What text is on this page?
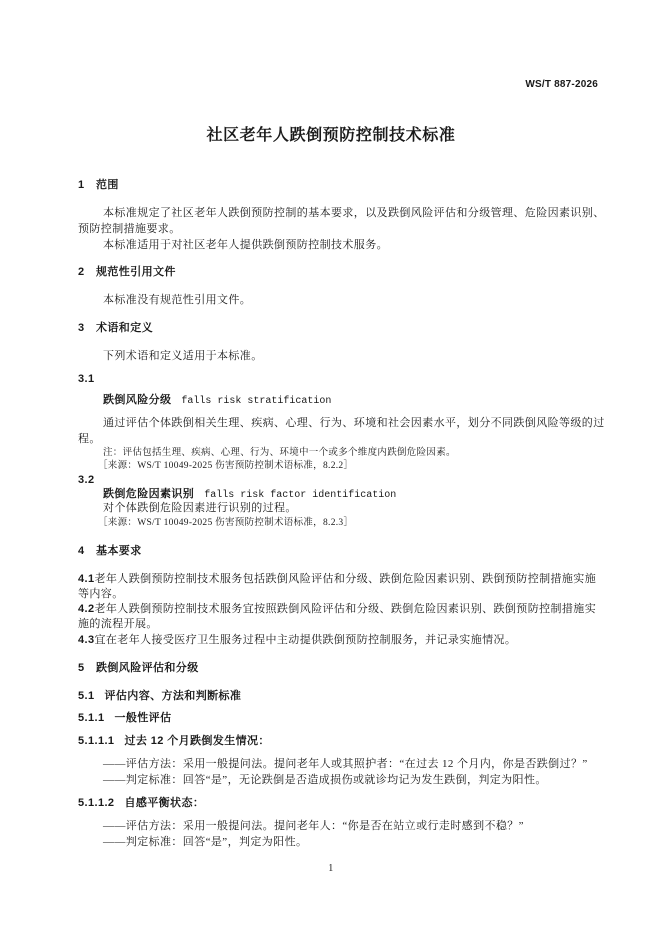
WS/T 887-2026
社区老年人跌倒预防控制技术标准
1 范围
本标准规定了社区老年人跌倒预防控制的基本要求，以及跌倒风险评估和分级管理、危险因素识别、
预防控制措施要求。
本标准适用于对社区老年人提供跌倒预防控制技术服务。
2 规范性引用文件
本标准没有规范性引用文件。
3 术语和定义
下列术语和定义适用于本标准。
3.1
跌倒风险分级 falls risk stratification
通过评估个体跌倒相关生理、疾病、心理、行为、环境和社会因素水平，划分不同跌倒风险等级的过
程。
注：评估包括生理、疾病、心理、行为、环境中一个或多个维度内跌倒危险因素。
［来源：WS/T 10049-2025 伤害预防控制术语标准，8.2.2］
3.2
跌倒危险因素识别 falls risk factor identification
对个体跌倒危险因素进行识别的过程。
［来源：WS/T 10049-2025 伤害预防控制术语标准，8.2.3］
4 基本要求
4.1老年人跌倒预防控制技术服务包括跌倒风险评估和分级、跌倒危险因素识别、跌倒预防控制措施实施
等内容。
4.2老年人跌倒预防控制技术服务宜按照跌倒风险评估和分级、跌倒危险因素识别、跌倒预防控制措施实
施的流程开展。
4.3宜在老年人接受医疗卫生服务过程中主动提供跌倒预防控制服务，并记录实施情况。
5 跌倒风险评估和分级
5.1 评估内容、方法和判断标准
5.1.1 一般性评估
5.1.1.1 过去 12 个月跌倒发生情况：
——评估方法：采用一般提问法。提问老年人或其照护者：“在过去 12 个月内，你是否跌倒过？”
——判定标准：回答“是”，无论跌倒是否造成损伤或就诊均记为发生跌倒，判定为阳性。
5.1.1.2 自感平衡状态：
——评估方法：采用一般提问法。提问老年人：“你是否在站立或行走时感到不稳？”
——判定标准：回答“是”，判定为阳性。
1
